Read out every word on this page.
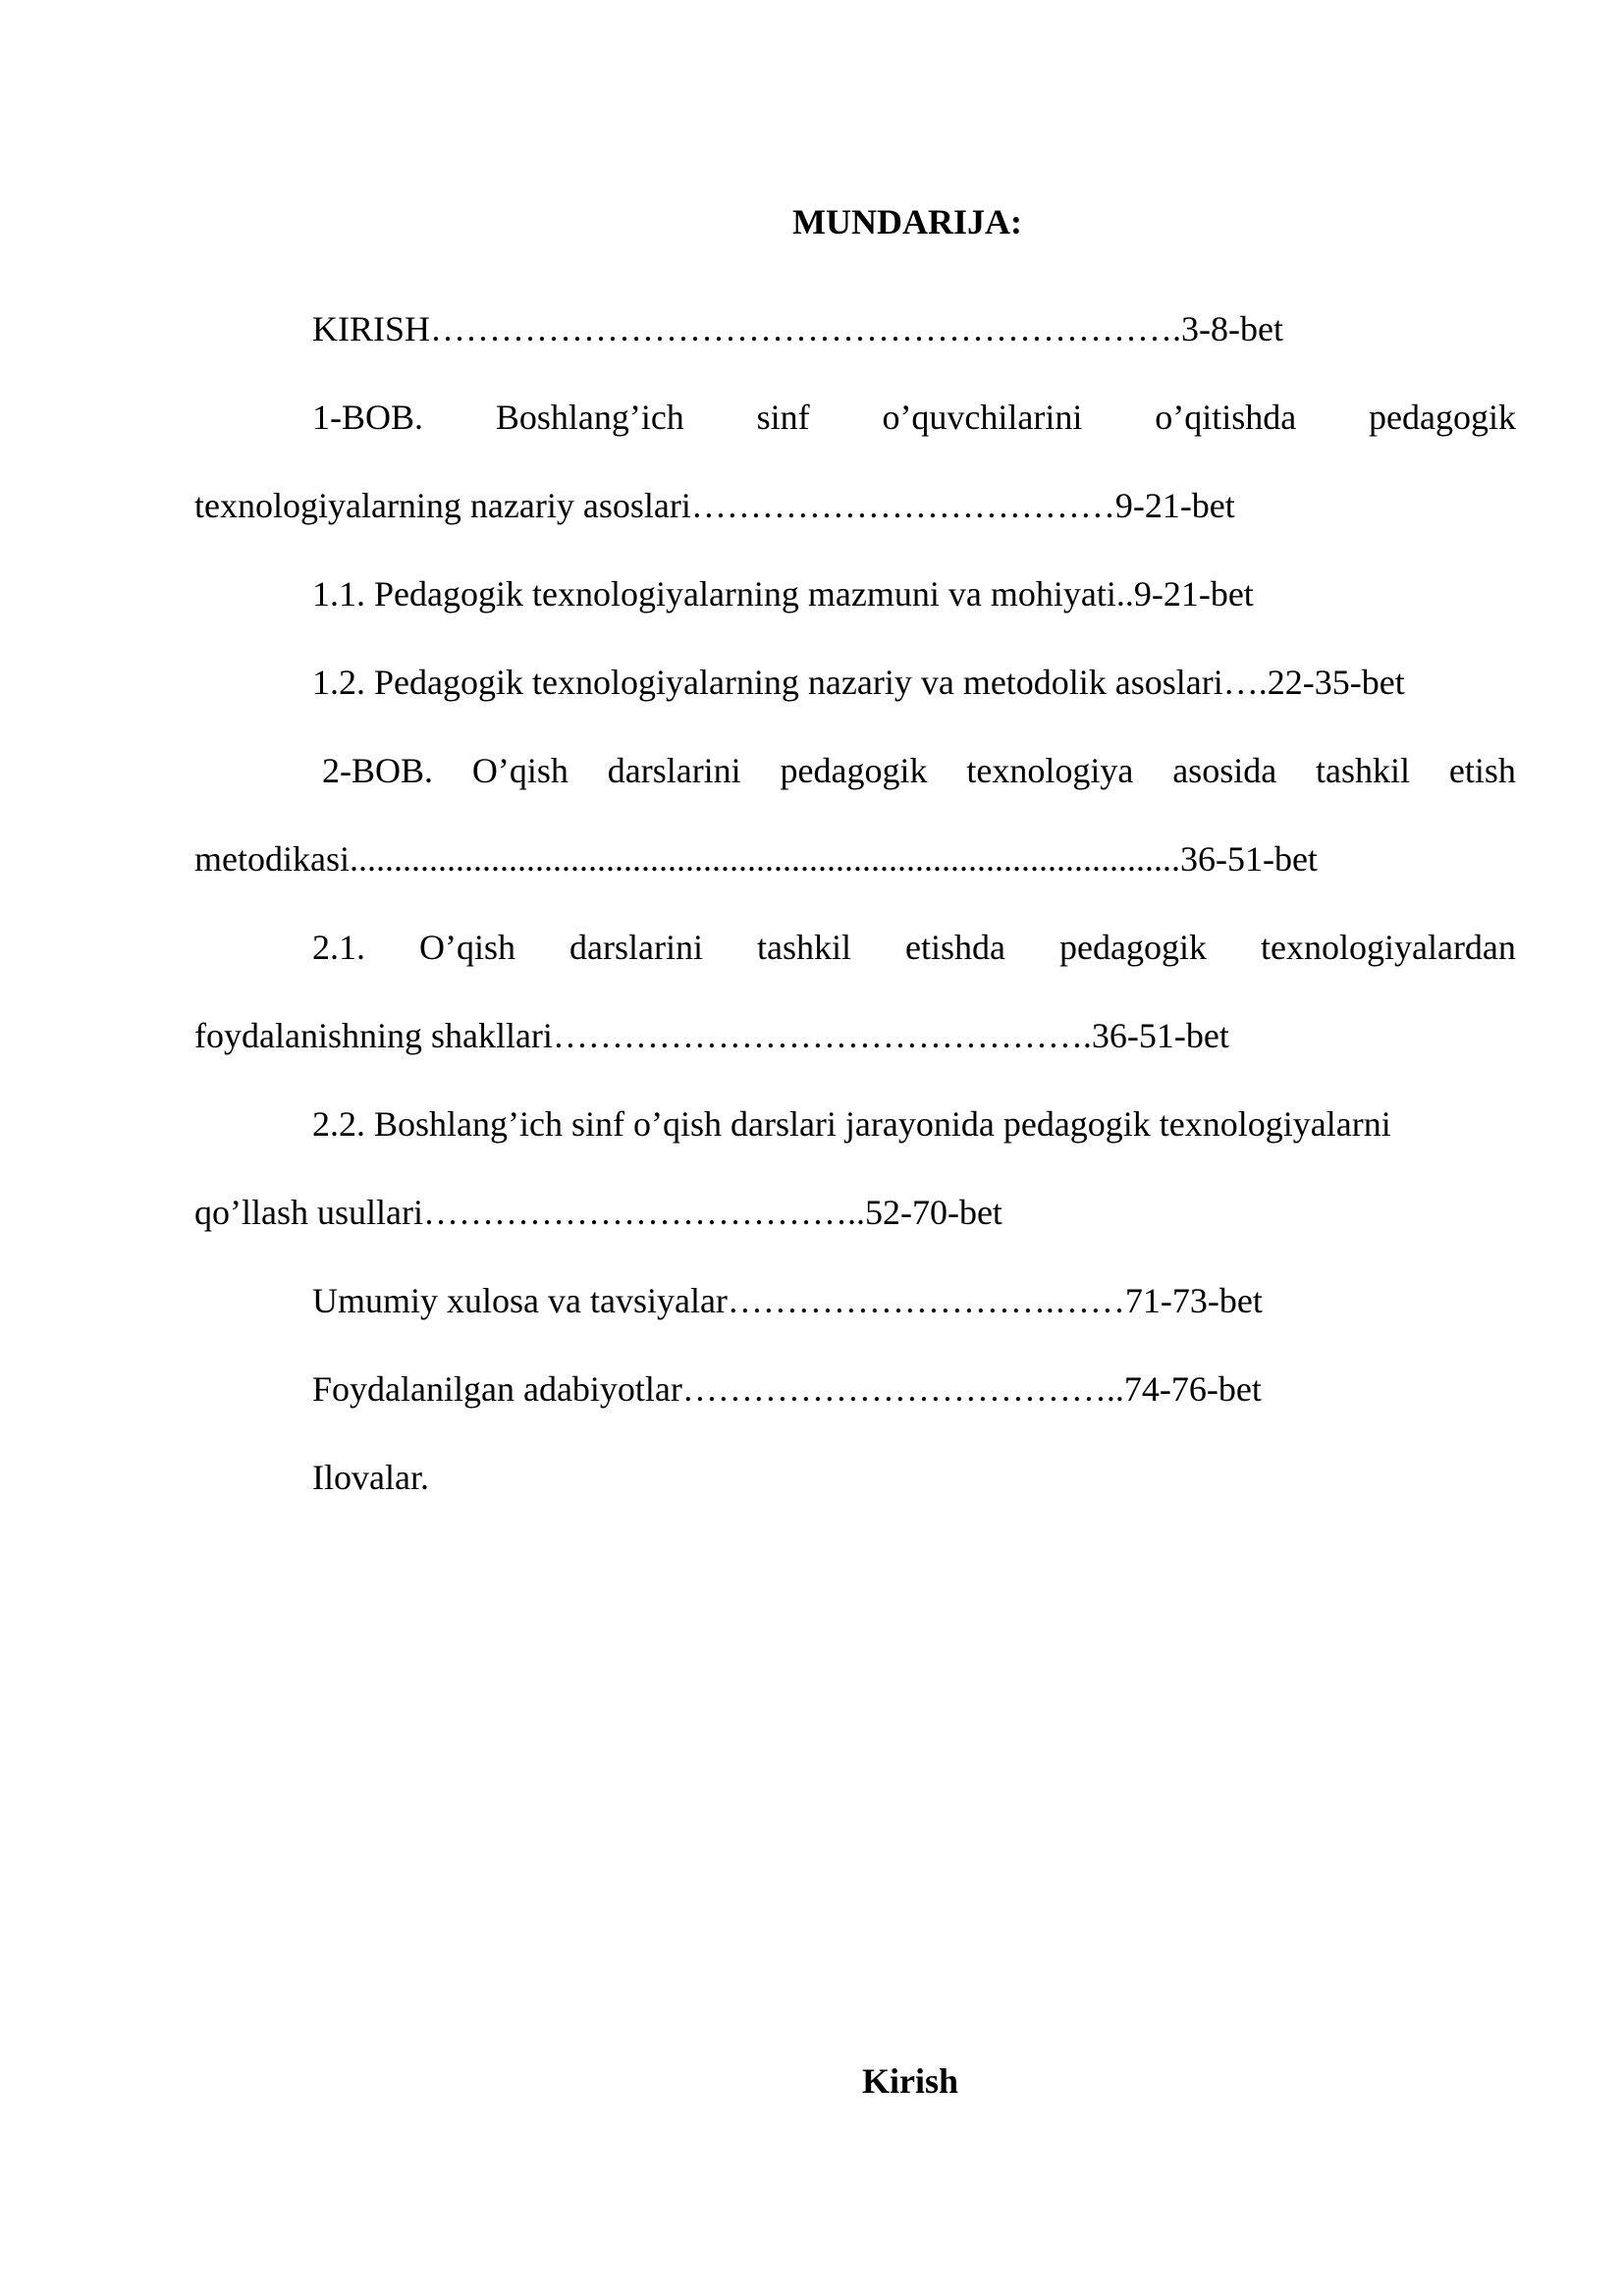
MUNDARIJA:
KIRISH……………………………………………………….3-8-bet
1-BOB. Boshlang’ich sinf o’quvchilarini o’qitishda pedagogik
texnologiyalarning nazariy asoslari………………………………9-21-bet
1.1. Pedagogik texnologiyalarning mazmuni va mohiyati..9-21-bet
1.2. Pedagogik texnologiyalarning nazariy va metodolik asoslari….22-35-bet
2-BOB. O’qish darslarini pedagogik texnologiya asosida tashkil etish
metodikasi..............................................................................................36-51-bet
2.1. O’qish darslarini tashkil etishda pedagogik texnologiyalardan
foydalanishning shakllari……………………………………….36-51-bet
2.2. Boshlang’ich sinf o’qish darslari jarayonida pedagogik texnologiyalarni
qo’llash usullari………………………………..52-70-bet
Umumiy xulosa va tavsiyalar……………………….……71-73-bet
Foydalanilgan adabiyotlar………………………………..74-76-bet
Ilovalar.
Kirish
